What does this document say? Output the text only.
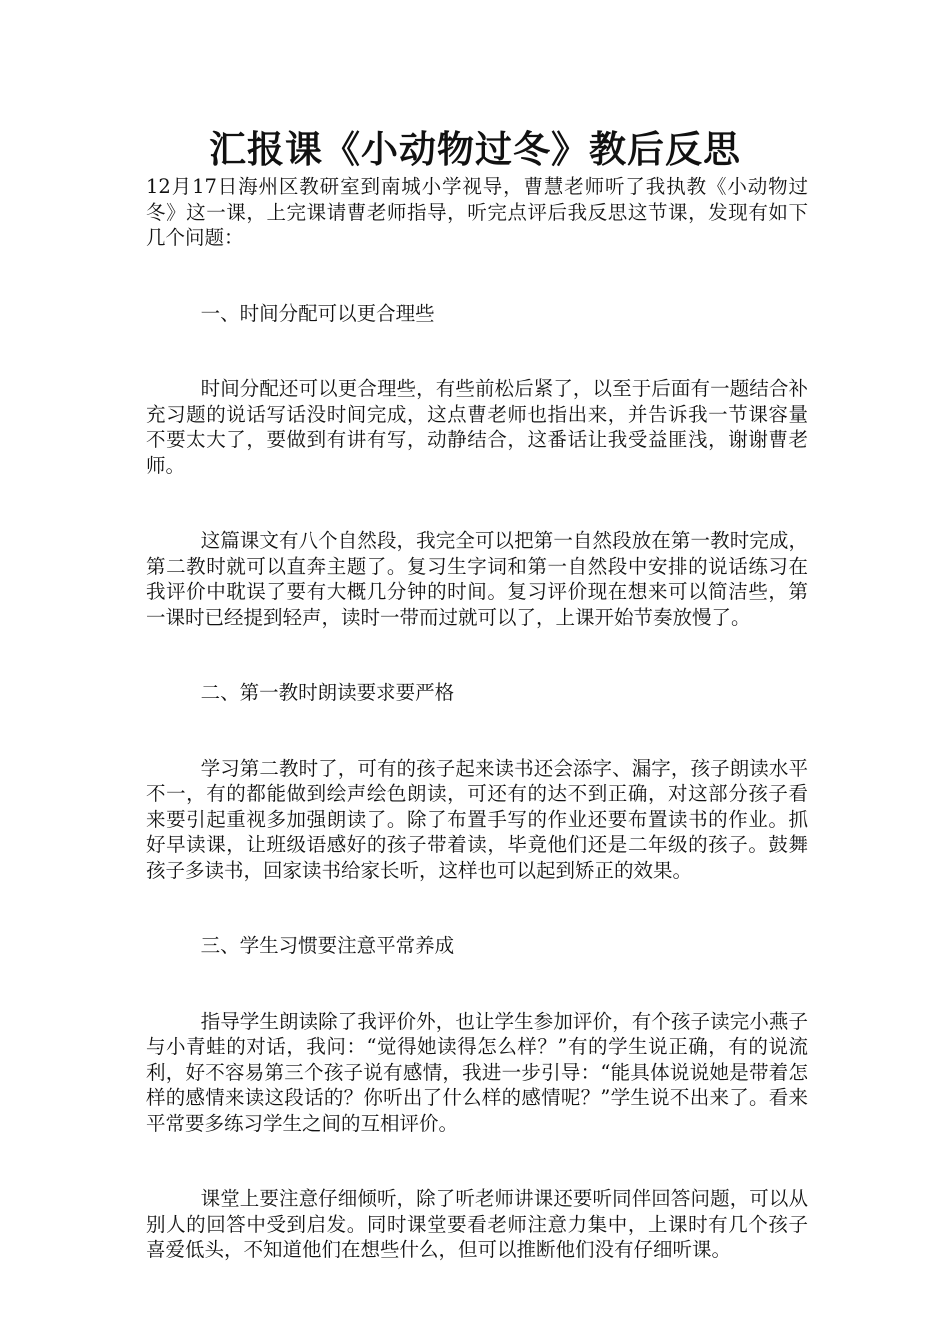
汇报课《小动物过冬》教后反思

12月17日海州区教研室到南城小学视导，曹慧老师听了我执教《小动物过冬》这一课，上完课请曹老师指导，听完点评后我反思这节课，发现有如下几个问题：

一、时间分配可以更合理些

时间分配还可以更合理些，有些前松后紧了，以至于后面有一题结合补充习题的说话写话没时间完成，这点曹老师也指出来，并告诉我一节课容量不要太大了，要做到有讲有写，动静结合，这番话让我受益匪浅，谢谢曹老师。

这篇课文有八个自然段，我完全可以把第一自然段放在第一教时完成，第二教时就可以直奔主题了。复习生字词和第一自然段中安排的说话练习在我评价中耽误了要有大概几分钟的时间。复习评价现在想来可以简洁些，第一课时已经提到轻声，读时一带而过就可以了，上课开始节奏放慢了。

二、第一教时朗读要求要严格

学习第二教时了，可有的孩子起来读书还会添字、漏字，孩子朗读水平不一，有的都能做到绘声绘色朗读，可还有的达不到正确，对这部分孩子看来要引起重视多加强朗读了。除了布置手写的作业还要布置读书的作业。抓好早读课，让班级语感好的孩子带着读，毕竟他们还是二年级的孩子。鼓舞孩子多读书，回家读书给家长听，这样也可以起到矫正的效果。

三、学生习惯要注意平常养成

指导学生朗读除了我评价外，也让学生参加评价，有个孩子读完小燕子与小青蛙的对话，我问：“觉得她读得怎么样？”有的学生说正确，有的说流利，好不容易第三个孩子说有感情，我进一步引导：“能具体说说她是带着怎样的感情来读这段话的？你听出了什么样的感情呢？”学生说不出来了。看来平常要多练习学生之间的互相评价。

课堂上要注意仔细倾听，除了听老师讲课还要听同伴回答问题，可以从别人的回答中受到启发。同时课堂要看老师注意力集中，上课时有几个孩子喜爱低头，不知道他们在想些什么，但可以推断他们没有仔细听课。
